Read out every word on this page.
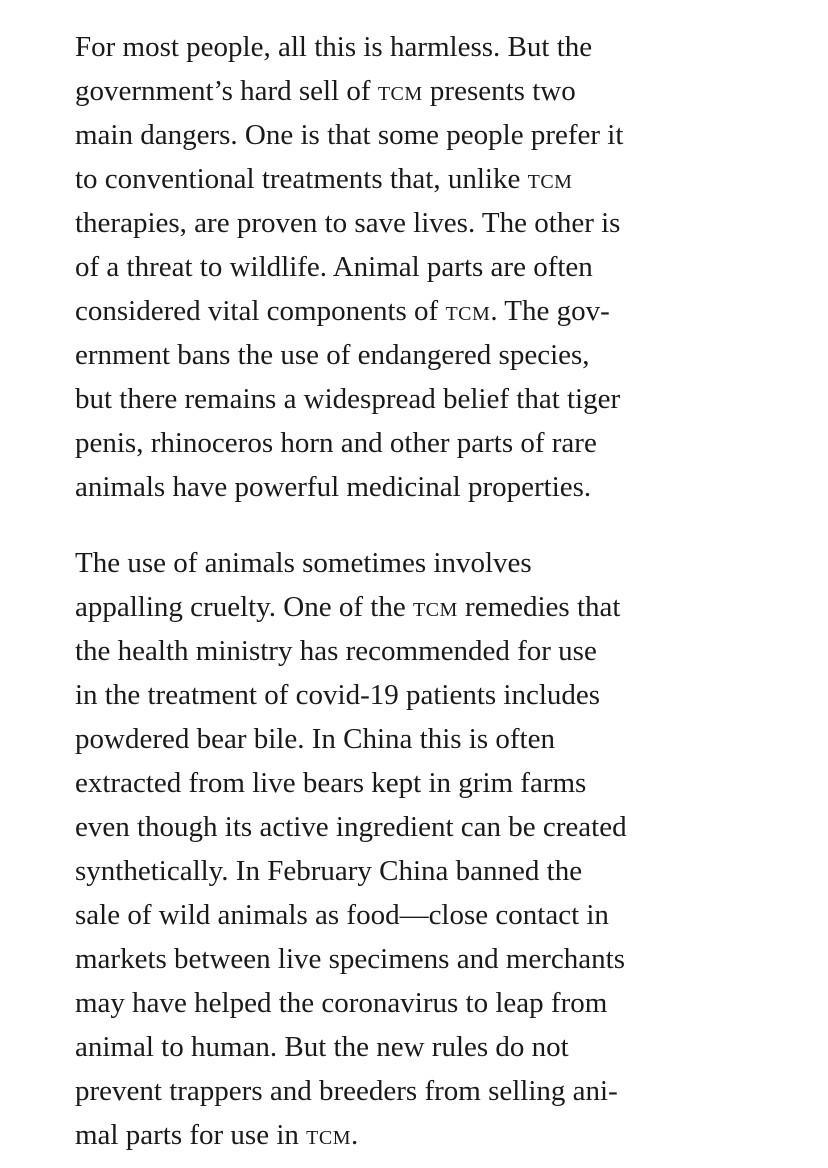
For most people, all this is harmless. But the
government’s hard sell of tcm presents two
main dangers. One is that some people prefer it
to conventional treatments that, unlike tcm
therapies, are proven to save lives. The other is
of a threat to wildlife. Animal parts are often
considered vital components of tcm. The gov-
ernment bans the use of endangered species,
but there remains a widespread belief that tiger
penis, rhinoceros horn and other parts of rare
animals have powerful medicinal properties.
The use of animals sometimes involves
appalling cruelty. One of the tcm remedies that
the health ministry has recommended for use
in the treatment of covid-19 patients includes
powdered bear bile. In China this is often
extracted from live bears kept in grim farms
even though its active ingredient can be created
synthetically. In February China banned the
sale of wild animals as food—close contact in
markets between live specimens and merchants
may have helped the coronavirus to leap from
animal to human. But the new rules do not
prevent trappers and breeders from selling ani-
mal parts for use in tcm.
